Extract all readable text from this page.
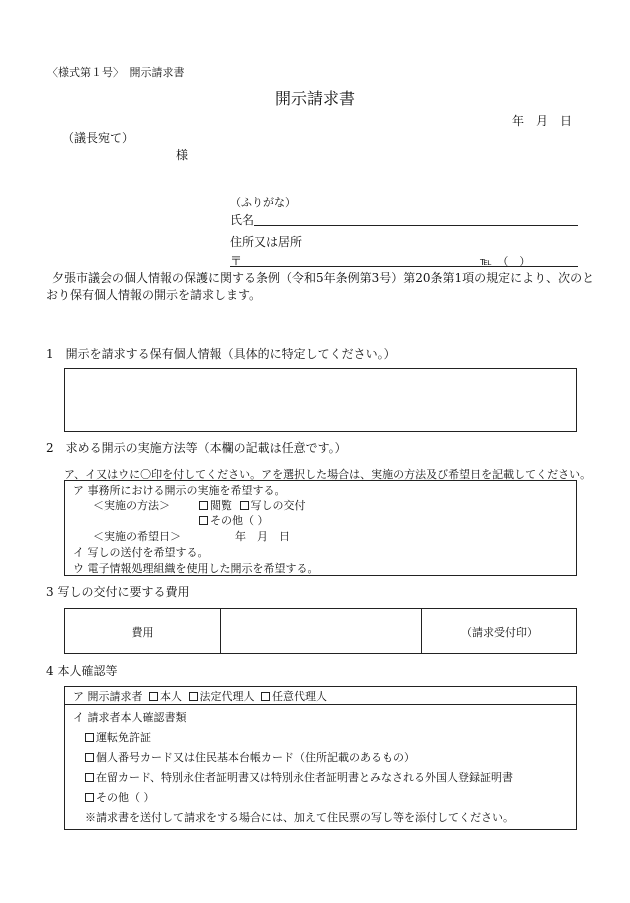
〈様式第１号〉　開示請求書
開示請求書
年　月　日
（議長宛て）
様
（ふりがな）
氏名
住所又は居所
〒	℡　（　）
夕張市議会の個人情報の保護に関する条例（令和5年条例第3号）第20条第1項の規定により、次のと
おり保有個人情報の開示を請求します。
1　開示を請求する保有個人情報（具体的に特定してください。）
2　求める開示の実施方法等（本欄の記載は任意です。）
ア、イ又はウに〇印を付してください。アを選択した場合は、実施の方法及び希望日を記載してください。
ア 事務所における開示の実施を希望する。
＜実施の方法＞	閲覧 写しの交付
その他（ ）
＜実施の希望日＞	年　月　日
イ 写しの送付を希望する。
ウ 電子情報処理組織を使用した開示を希望する。
3 写しの交付に要する費用
費用	（請求受付印）
4 本人確認等
ア 開示請求者 本人 法定代理人 任意代理人
イ 請求者本人確認書類
運転免許証
個人番号カード又は住民基本台帳カード（住所記載のあるもの）
在留カード、特別永住者証明書又は特別永住者証明書とみなされる外国人登録証明書
その他（ ）
※請求書を送付して請求をする場合には、加えて住民票の写し等を添付してください。
